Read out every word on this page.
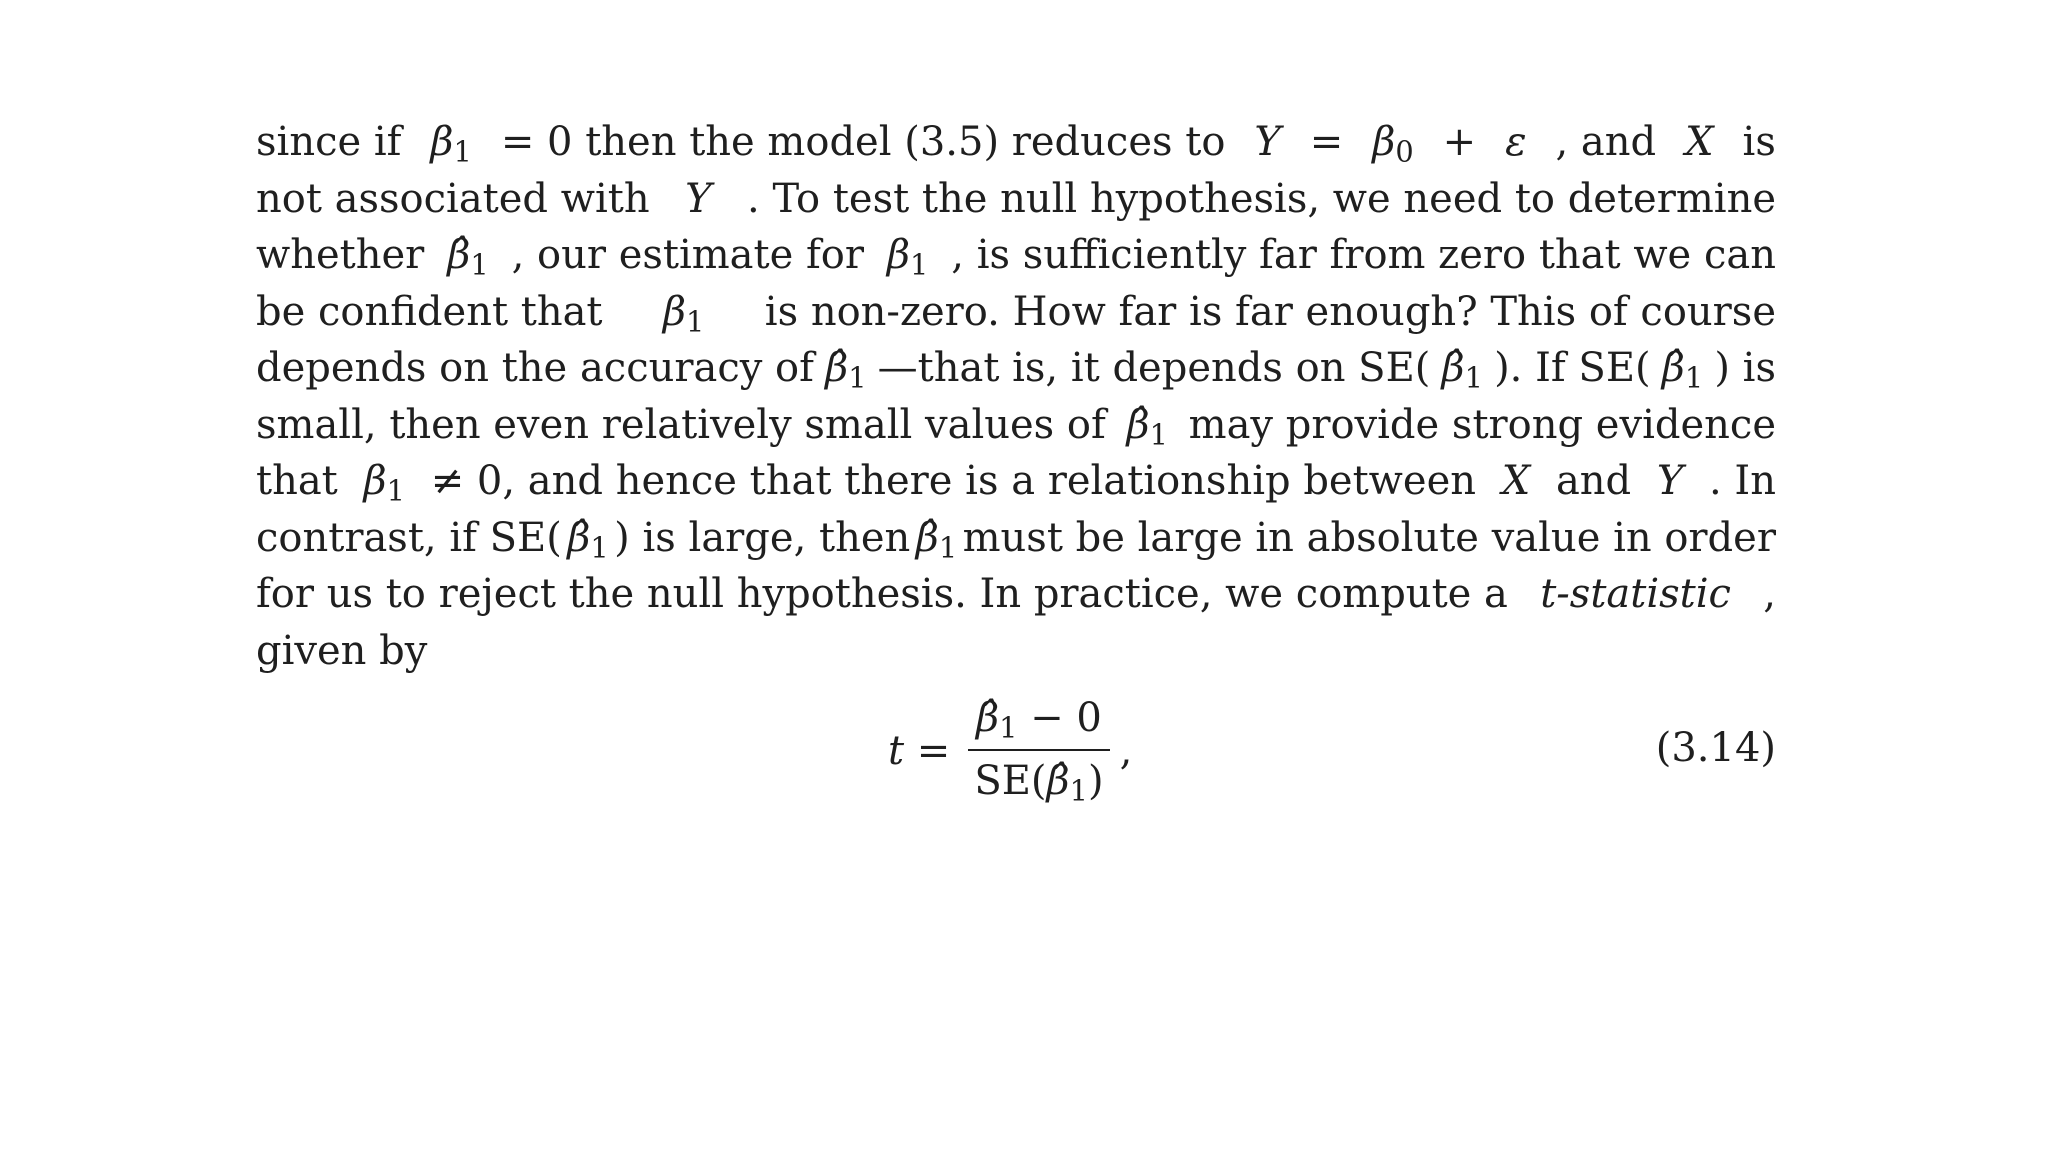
since if $\beta_1 = 0$ then the model (3.5) reduces to $Y = \beta_0 + \varepsilon$ , and X is
not associated with Y . To test the null hypothesis, we need to determine
whether $\betâ_1$ , our estimate for $\beta_1$ , is sufficiently far from zero that we can
be confident that $\beta_1$ is non-zero. How far is far enough? This of course
depends on the accuracy of $\betâ_1$ —that is, it depends on SE( $\betâ_1$ ). If SE( $\betâ_1$ ) is
small, then even relatively small values of $\betâ_1$ may provide strong evidence
that $\beta_1 \ne 0$, and hence that there is a relationship between X and Y . In
contrast, if SE( $\betâ_1$ ) is large, then $\betâ_1$ must be large in absolute value in order
for us to reject the null hypothesis. In practice, we compute a t-statistic ,
given by
$t = \frac{\betâ_1 - 0}{SE(\betâ_1)}$ ,	(3.14)
